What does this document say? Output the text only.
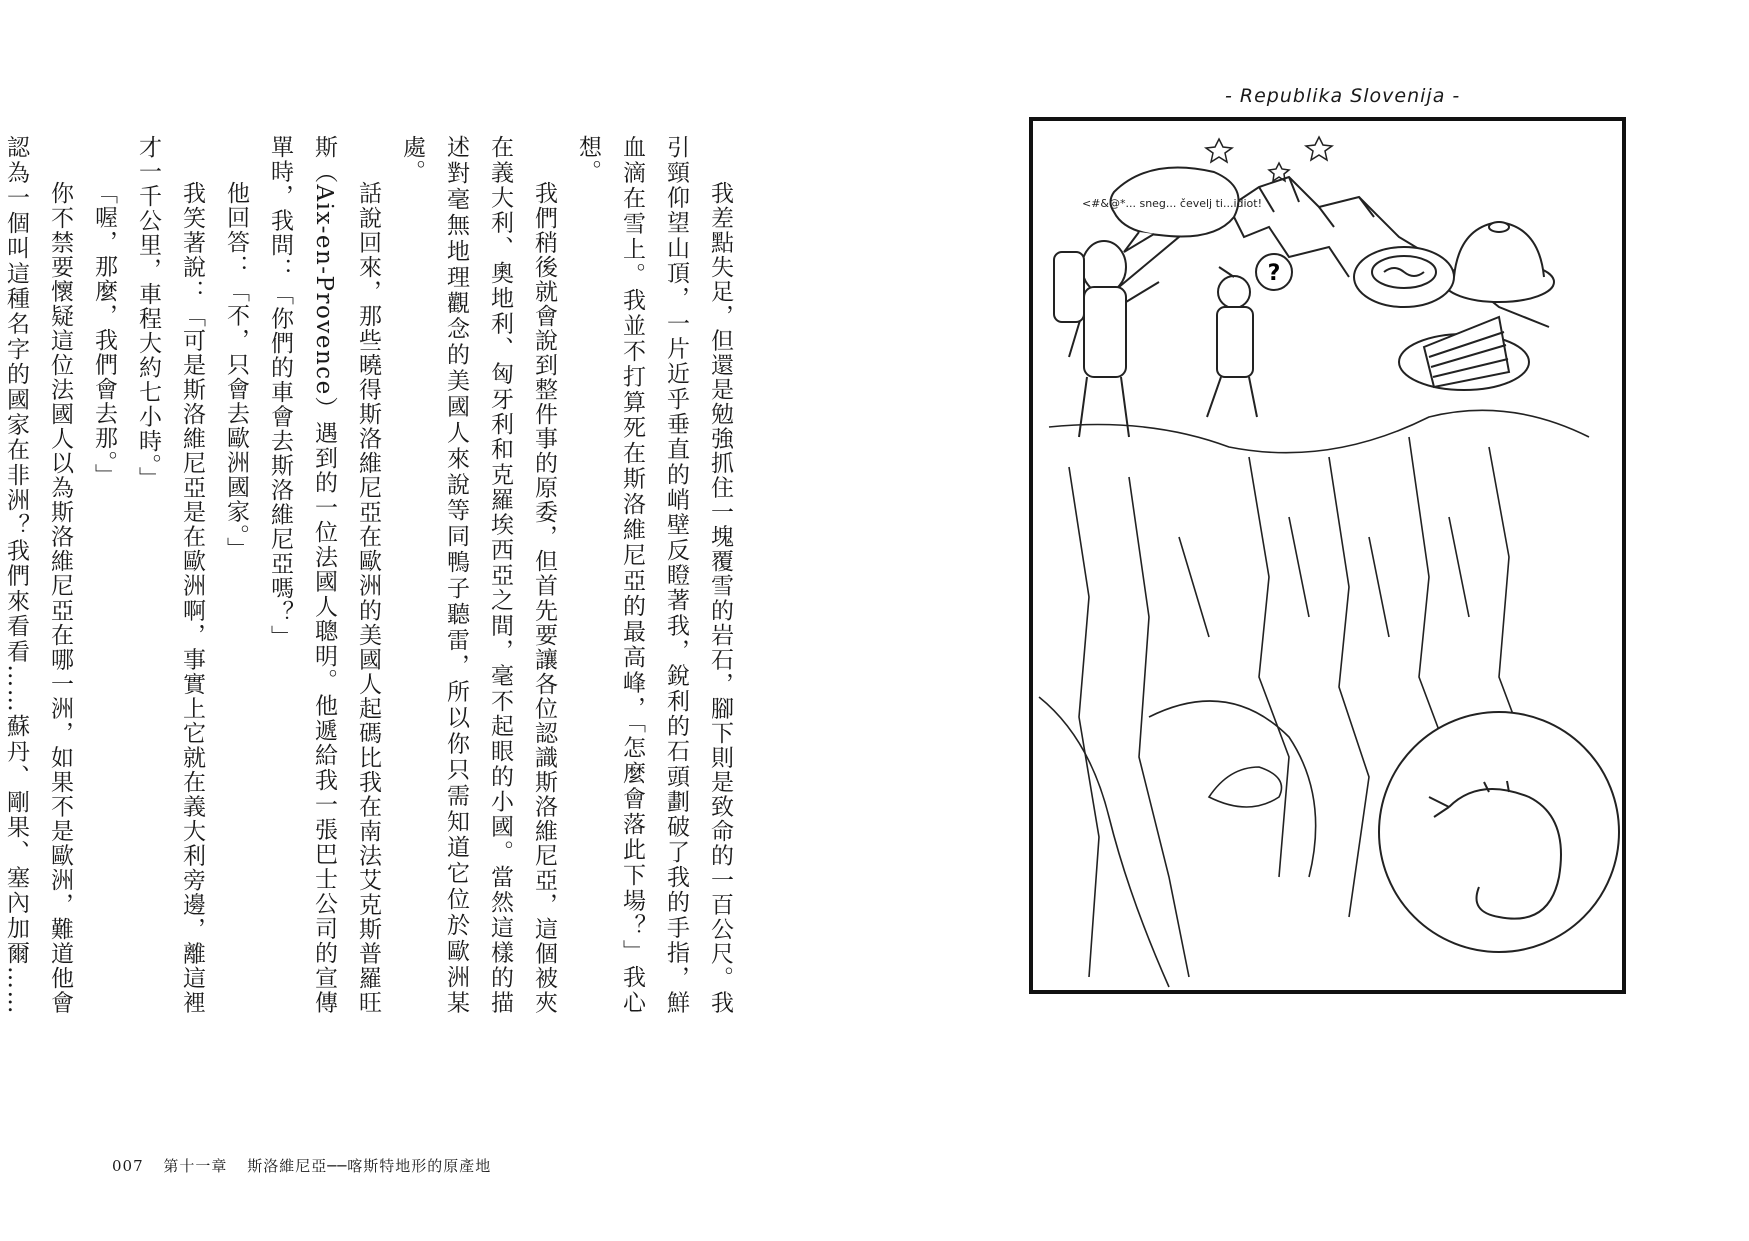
我差點失足，但還是勉強抓住一塊覆雪的岩石，腳下則是致命的一百公尺。我引頸仰望山頂，一片近乎垂直的峭壁反瞪著我，銳利的石頭劃破了我的手指，鮮血滴在雪上。我並不打算死在斯洛維尼亞的最高峰，「怎麼會落此下場？」我心想。

我們稍後就會說到整件事的原委，但首先要讓各位認識斯洛維尼亞，這個被夾在義大利、奧地利、匈牙利和克羅埃西亞之間，毫不起眼的小國。當然這樣的描述對毫無地理觀念的美國人來說等同鴨子聽雷，所以你只需知道它位於歐洲某處。

話說回來，那些曉得斯洛維尼亞在歐洲的美國人起碼比我在南法艾克斯普羅旺斯（Aix-en-Provence）遇到的一位法國人聰明。他遞給我一張巴士公司的宣傳單時，我問：「你們的車會去斯洛維尼亞嗎？」

他回答：「不，只會去歐洲國家。」

我笑著說：「可是斯洛維尼亞是在歐洲啊，事實上它就在義大利旁邊，離這裡才一千公里，車程大約七小時。」

「喔，那麼，我們會去那。」

你不禁要懷疑這位法國人以為斯洛維尼亞在哪一洲，如果不是歐洲，難道他會認為一個叫這種名字的國家在非洲？我們來看看……蘇丹、剛果、塞內加爾……

007 第十一章 斯洛維尼亞──喀斯特地形的原產地
- Republika Slovenija -
<#&@*... sneg... čevelj ti...idiot!
?
